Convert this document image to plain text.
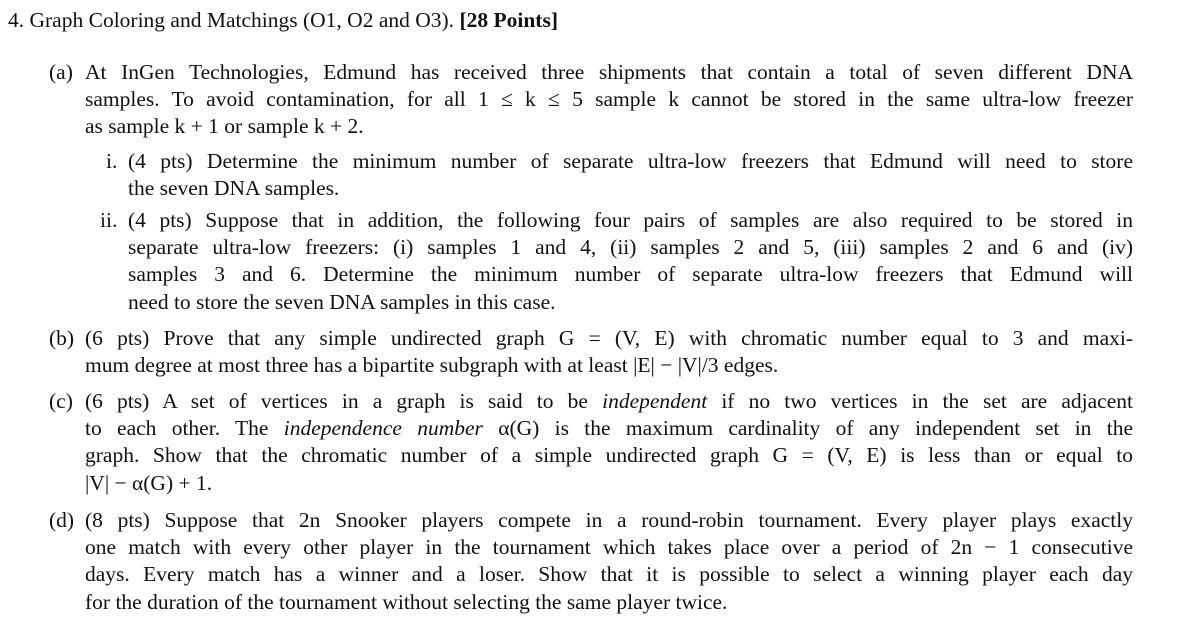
4. Graph Coloring and Matchings (O1, O2 and O3). [28 Points]
(a) At InGen Technologies, Edmund has received three shipments that contain a total of seven different DNA
samples. To avoid contamination, for all 1 ≤ k ≤ 5 sample k cannot be stored in the same ultra-low freezer
as sample k + 1 or sample k + 2.
i. (4 pts) Determine the minimum number of separate ultra-low freezers that Edmund will need to store
the seven DNA samples.
ii. (4 pts) Suppose that in addition, the following four pairs of samples are also required to be stored in
separate ultra-low freezers: (i) samples 1 and 4, (ii) samples 2 and 5, (iii) samples 2 and 6 and (iv)
samples 3 and 6. Determine the minimum number of separate ultra-low freezers that Edmund will
need to store the seven DNA samples in this case.
(b) (6 pts) Prove that any simple undirected graph G = (V, E) with chromatic number equal to 3 and maxi-
mum degree at most three has a bipartite subgraph with at least |E| − |V|/3 edges.
(c) (6 pts) A set of vertices in a graph is said to be independent if no two vertices in the set are adjacent
to each other. The independence number α(G) is the maximum cardinality of any independent set in the
graph. Show that the chromatic number of a simple undirected graph G = (V, E) is less than or equal to
|V| − α(G) + 1.
(d) (8 pts) Suppose that 2n Snooker players compete in a round-robin tournament. Every player plays exactly
one match with every other player in the tournament which takes place over a period of 2n − 1 consecutive
days. Every match has a winner and a loser. Show that it is possible to select a winning player each day
for the duration of the tournament without selecting the same player twice.
